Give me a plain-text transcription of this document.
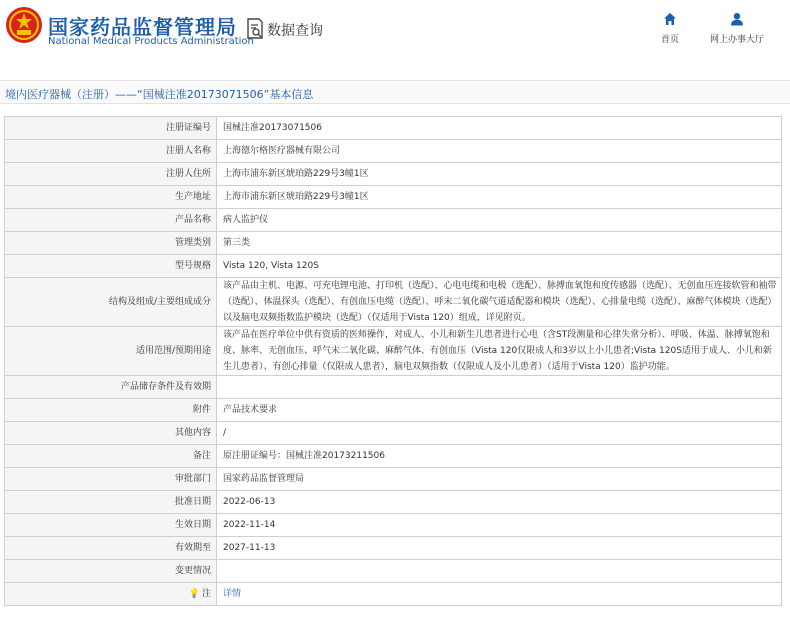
国家药品监督管理局
National Medical Products Administration
数据查询
首页	网上办事大厅
境内医疗器械（注册）——“国械注准20173071506”基本信息
注册证编号	国械注准20173071506
注册人名称	上海德尔格医疗器械有限公司
注册人住所	上海市浦东新区琥珀路229号3幢1区
生产地址	上海市浦东新区琥珀路229号3幢1区
产品名称	病人监护仪
管理类别	第三类
型号规格	Vista 120, Vista 120S
结构及组成/主要组成成分	该产品由主机、电源、可充电锂电池、打印机（选配）、心电电缆和电极（选配）、脉搏血氧饱和度传感器（选配）、无创血压连接软管和袖带（选配）、体温探头（选配）、有创血压电缆（选配）、呼末二氧化碳气道适配器和模块（选配）、心排量电缆（选配）、麻醉气体模块（选配）以及脑电双频指数监护模块（选配）（仅适用于Vista 120）组成，详见附页。
适用范围/预期用途	该产品在医疗单位中供有资质的医师操作，对成人、小儿和新生儿患者进行心电（含ST段测量和心律失常分析）、呼吸、体温、脉搏氧饱和度、脉率、无创血压、呼气末二氧化碳、麻醉气体、有创血压（Vista 120仅限成人和3岁以上小儿患者;Vista 120S适用于成人、小儿和新生儿患者）、有创心排量（仅限成人患者），脑电双频指数（仅限成人及小儿患者）（适用于Vista 120）监护功能。
产品储存条件及有效期	
附件	产品技术要求
其他内容	/
备注	原注册证编号：国械注准20173211506
审批部门	国家药品监督管理局
批准日期	2022-06-13
生效日期	2022-11-14
有效期至	2027-11-13
变更情况	
💡 注	详情
